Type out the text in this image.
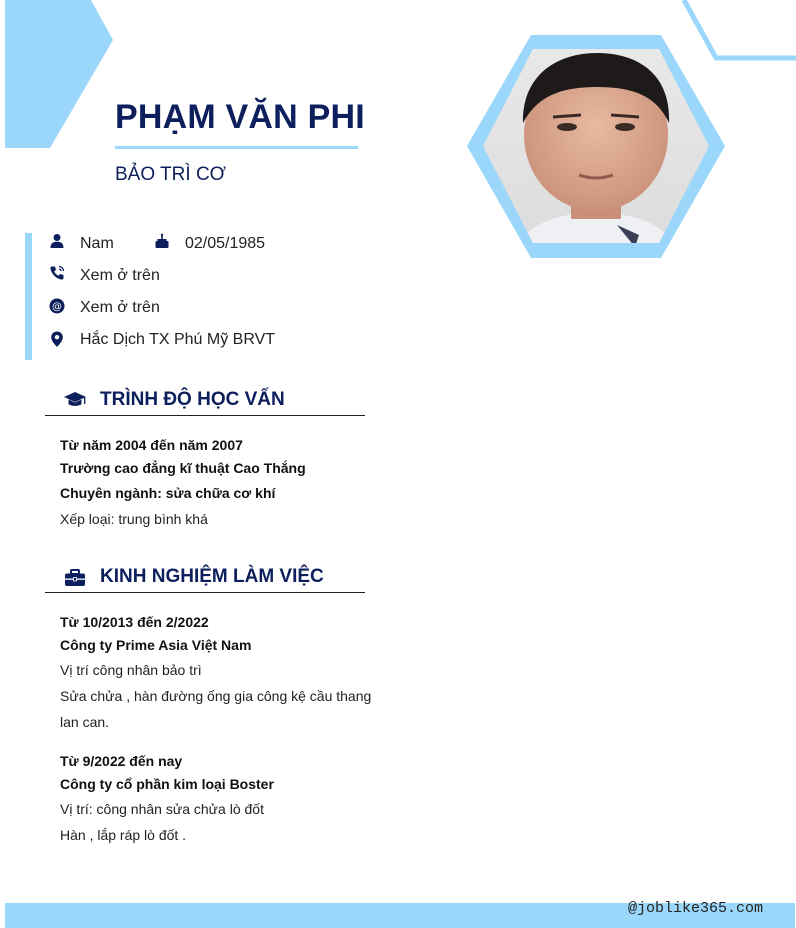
PHẠM VĂN PHI
BẢO TRÌ CƠ
Nam	02/05/1985
Xem ở trên
@ Xem ở trên
Hắc Dịch TX Phú Mỹ BRVT
TRÌNH ĐỘ HỌC VẤN
Từ năm 2004 đến năm 2007
Trường cao đẳng kĩ thuật Cao Thắng
Chuyên ngành: sửa chữa cơ khí
Xếp loại: trung bình khá
KINH NGHIỆM LÀM VIỆC
Từ 10/2013 đến 2/2022
Công ty Prime Asia Việt Nam
Vị trí công nhân bảo trì
Sửa chửa , hàn đường ống gia công kệ cầu thang
lan can.
Từ 9/2022 đến nay
Công ty cổ phần kim loại Boster
Vị trí: công nhân sửa chửa lò đốt
Hàn , lắp ráp lò đốt .
@joblike365.com
